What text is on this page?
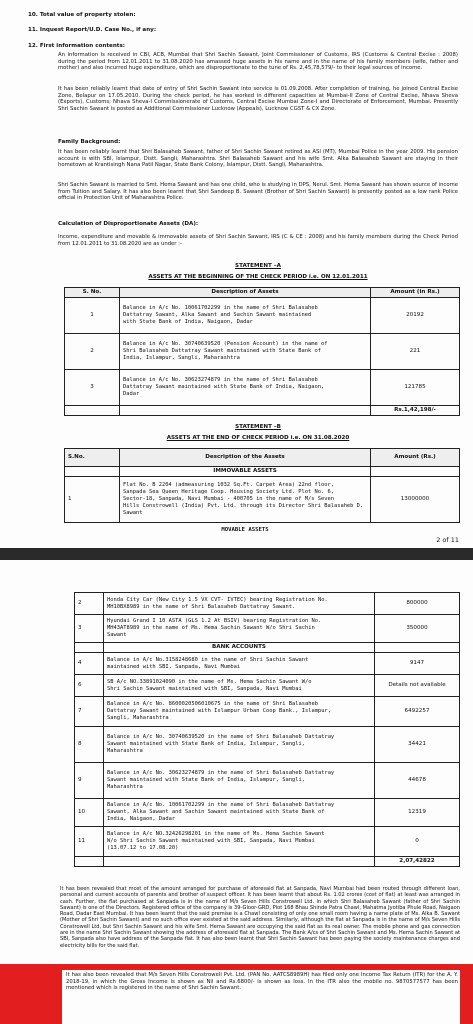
10. Total value of property stolen:
11. Inquest Report/U.D. Case No., if any:
12. First information contents:

An information is received in CBI, ACB, Mumbai that Shri Sachin Sawant, Joint Commissioner of Customs, IRS (Customs & Central Excise : 2008) during the period from 12.01.2011 to 31.08.2020 has amassed huge assets in his name and in the name of his family members (wife, father and mother) and also incurred huge expenditure, which are disproportionate to the tune of Rs. 2,45,78,579/- to their legal sources of income.

It has been reliably learnt that date of entry of Shri Sachin Sawant into service is 01.09.2008. After completion of training, he joined Central Excise Zone, Belapur on 17.05.2010. During the check period, he has worked in different capacities at Mumbai-II Zone of Central Excise, Nhava Sheva (Exports), Customs; Nhava Sheva-I Commissionerate of Customs, Central Excise Mumbai Zone-I and Directorate of Enforcement, Mumbai. Presently Shri Sachin Sawant is posted as Additional Commissioner Lucknow (Appeals), Lucknow CGST & CX Zone.

Family Background:

It has been reliably learnt that Shri Balasaheb Sawant, father of Shri Sachin Sawant retired as ASI (MT), Mumbai Police in the year 2009. His pension account is with SBI, Islampur, Distt. Sangli, Maharashtra. Shri Balasaheb Sawant and his wife Smt. Alka Balasaheb Sawant are staying in their hometown at Krantisingh Nana Patil Nagar, State Bank Colony, Islampur, Distt. Sangli, Maharashtra.

Shri Sachin Sawant is married to Smt. Hema Sawant and has one child, who is studying in DPS, Nerul. Smt. Hema Sawant has shown source of income from Tuition and Salary. It has also been learnt that Shri Sandeep B. Sawant (Brother of Shri Sachin Sawant) is presently posted as a low rank Police official in Protection Unit of Maharashtra Police.

Calculation of Disproportionate Assets (DA):

Income, expenditure and movable & immovable assets of Shri Sachin Sawant, IRS (C & CE : 2008) and his family members during the Check Period from 12.01.2011 to 31.08.2020 are as under :-

STATEMENT –A
ASSETS AT THE BEGINNING OF THE CHECK PERIOD i.e. ON 12.01.2011
S. No.	Description of Assets	Amount (in Rs.)
1	Balance in A/c No. 10061702299 in the name of Shri Balasaheb
Dattatray Sawant, Alka Sawant and Sachin Sawant maintained
with State Bank of India, Naigaon, Dadar	20192
2	Balance in A/c No. 30740639520 (Pension Account) in the name of
Shri Balasaheb Dattatray Sawant maintained with State Bank of
India, Islampur, Sangli, Maharashtra	221
3	Balance in A/c No. 30623274879 in the name of Shri Balasaheb
Dattatray Sawant maintained with State Bank of India, Naigaon,
Dadar	121785
		Rs.1,42,198/-
STATEMENT –B
ASSETS AT THE END OF CHECK PERIOD i.e. ON 31.08.2020
S.No.	Description of the Assets	Amount (Rs.)
	IMMOVABLE ASSETS	
1	Flat No. B 2204 (admeasuring 1032 Sq.Ft. Carpet Area) 22nd floor,
Sanpada Sea Queen Heritage Coop. Housing Society Ltd. Plot No. 6,
Sector-18, Sanpada, Navi Mumbai - 400705 in the name of M/s Seven
Hills Constrowell (India) Pvt. Ltd. through its Director Shri Balasaheb D.
Sawant	13000000
MOVABLE ASSETS
2 of 11
2	Honda City Car (New City 1.5 VX CVT- IVTEC) bearing Registration No.
MH10BX8989 in the name of Shri Balasaheb Dattatray Sawant.	800000
3	Hyundai Grand I 10 ASTA (GLS 1.2 At BSIV) bearing Registration No.
MH43AT8989 in the name of Ms. Hema Sachin Sawant W/o Shri Sachin
Sawant	350000
	BANK ACCOUNTS	
4	Balance in A/c No.3158248680 in the name of Shri Sachin Sawant
maintained with SBI, Sanpada, Navi Mumbai	9147
6	SB A/c NO.33891024090 in the name of Ms. Hema Sachin Sawant W/o
Shri Sachin Sawant maintained with SBI, Sanpada, Navi Mumbai	Details not available
7	Balance in A/c No. 8600020506010675 in the name of Shri Balasaheb
Dattatray Sawant maintained with Islampur Urban Coop Bank., Islampur,
Sangli, Maharashtra	6492257
8	Balance in A/c No. 30740639520 in the name of Shri Balasaheb Dattatray
Sawant maintained with State Bank of India, Islampur, Sangli,
Maharashtra	34421
9	Balance in A/c No. 30623274879 in the name of Shri Balasaheb Dattatray
Sawant maintained with State Bank of India, Islampur, Sangli,
Maharashtra	44678
10	Balance in A/c No. 10061702299 in the name of Shri Balasaheb Dattatray
Sawant, Alka Sawant and Sachin Sawant maintained with State Bank of
India, Naigaon, Dadar	12319
11	Balance in A/c NO.32426298201 in the name of Ms. Hema Sachin Sawant
W/o Shri Sachin Sawant maintained with SBI, Sanpada, Navi Mumbai
(13.07.12 to 17.08.20)	0
		2,07,42822

It has been revealed that most of the amount arranged for purchase of aforesaid flat at Sanpada, Navi Mumbai had been routed through different loan, personal and current accounts of parents and brother of suspect officer. It has been learnt that about Rs. 1.02 crores (cost of flat) at least was arranged in cash. Further, the flat purchased at Sanpada is in the name of M/s Seven Hills Constrowell Ltd. in which Shri Balasaheb Sawant (father of Shri Sachin Sawant) is one of the Directors. Registered office of the company is 39-Gloor-GRD, Plot 168 Bhau Shinde Patra Chawl, Mahatma Jyotiba Phule Road, Naigaon Road, Dadar East Mumbai. It has been learnt that the said premise is a Chawl consisting of only one small room having a name plate of Ms. Alka B. Sawant (Mother of Shri Sachin Sawant) and no such office ever existed at the said address. Similarly, although the flat at Sanpada is in the name of M/s Seven Hills Constrowell Ltd, but Shri Sachin Sawant and his wife Smt. Hema Sawant are occupying the said flat as its real owner. The mobile phone and gas connection are in the name Shri Sachin Sawant showing the address of aforesaid flat at Sanpada. The Bank A/cs of Shri Sachin Sawant and Ms. Hema Sachin Sawant at SBI, Sanpada also have address of the Sanpada flat. It has also been learnt that Shri Sachin Sawant has been paying the society maintenance charges and electricity bills for the said flat.

It has also been revealed that M/s Seven Hills Constrowell Pvt. Ltd. (PAN No. AATCS8989H) has filed only one Income Tax Return (ITR) for the A. Y. 2018-19, in which the Gross Income is shown as Nil and Rs.6800/- is shown as loss. In the ITR also the mobile no. 9870577577 has been mentioned which is registered in the name of Shri Sachin Sawant.
